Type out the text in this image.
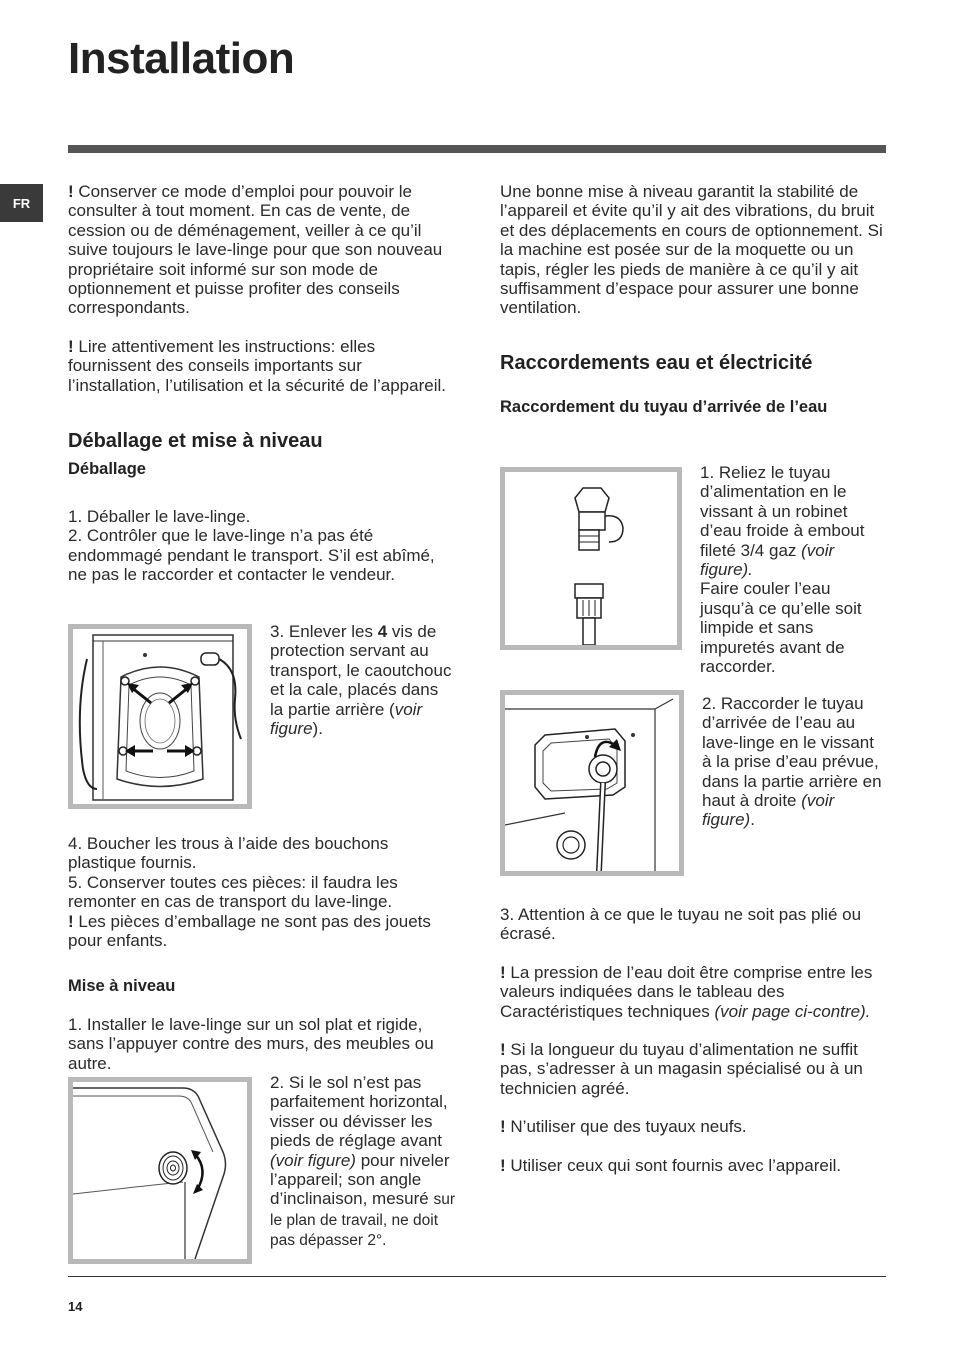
Installation
FR

! Conserver ce mode d’emploi pour pouvoir le consulter à tout moment. En cas de vente, de cession ou de déménagement, veiller à ce qu’il suive toujours le lave-linge pour que son nouveau propriétaire soit informé sur son mode de optionnement et puisse profiter des conseils correspondants.

! Lire attentivement les instructions: elles fournissent des conseils importants sur l’installation, l’utilisation et la sécurité de l’appareil.

Déballage et mise à niveau
Déballage

1. Déballer le lave-linge.

2. Contrôler que le lave-linge n’a pas été endommagé pendant le transport. S’il est abîmé, ne pas le raccorder et contacter le vendeur.

3. Enlever les 4 vis de protection servant au transport, le caoutchouc et la cale, placés dans la partie arrière (voir figure).

4. Boucher les trous à l’aide des bouchons plastique fournis.

5. Conserver toutes ces pièces: il faudra les remonter en cas de transport du lave-linge.

! Les pièces d’emballage ne sont pas des jouets pour enfants.

Mise à niveau

1. Installer le lave-linge sur un sol plat et rigide, sans l’appuyer contre des murs, des meubles ou autre.

2. Si le sol n’est pas parfaitement horizontal, visser ou dévisser les pieds de réglage avant (voir figure) pour niveler l’appareil; son angle d’inclinaison, mesuré sur le plan de travail, ne doit pas dépasser 2°.

Une bonne mise à niveau garantit la stabilité de l’appareil et évite qu’il y ait des vibrations, du bruit et des déplacements en cours de optionnement. Si la machine est posée sur de la moquette ou un tapis, régler les pieds de manière à ce qu’il y ait suffisamment d’espace pour assurer une bonne ventilation.

Raccordements eau et électricité
Raccordement du tuyau d’arrivée de l’eau

1. Reliez le tuyau d’alimentation en le vissant à un robinet d’eau froide à embout fileté 3/4 gaz (voir figure).

Faire couler l’eau jusqu’à ce qu’elle soit limpide et sans impuretés avant de raccorder.

2. Raccorder le tuyau d’arrivée de l’eau au lave-linge en le vissant à la prise d’eau prévue, dans la partie arrière en haut à droite (voir figure).

3. Attention à ce que le tuyau ne soit pas plié ou écrasé.

! La pression de l’eau doit être comprise entre les valeurs indiquées dans le tableau des Caractéristiques techniques (voir page ci-contre).

! Si la longueur du tuyau d’alimentation ne suffit pas, s’adresser à un magasin spécialisé ou à un technicien agréé.

! N’utiliser que des tuyaux neufs.

! Utiliser ceux qui sont fournis avec l’appareil.

14
